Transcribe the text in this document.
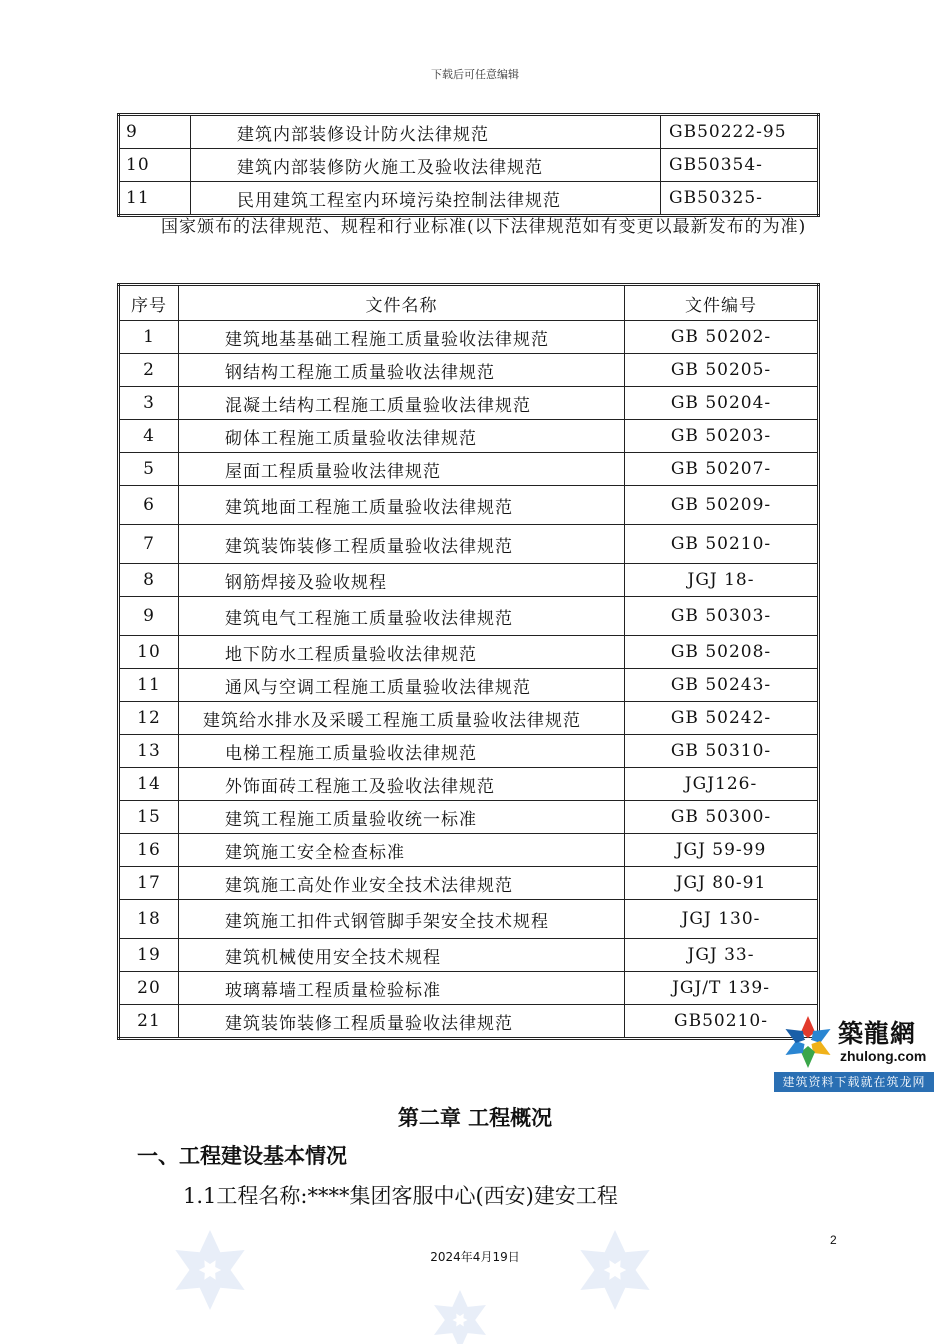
下载后可任意编辑
9	建筑内部装修设计防火法律规范	GB50222-95
10	建筑内部装修防火施工及验收法律规范	GB50354-
11	民用建筑工程室内环境污染控制法律规范	GB50325-
国家颁布的法律规范、规程和行业标准(以下法律规范如有变更以最新发布的为准)
序号	文件名称	文件编号
1	建筑地基基础工程施工质量验收法律规范	GB 50202-
2	钢结构工程施工质量验收法律规范	GB 50205-
3	混凝土结构工程施工质量验收法律规范	GB 50204-
4	砌体工程施工质量验收法律规范	GB 50203-
5	屋面工程质量验收法律规范	GB 50207-
6	建筑地面工程施工质量验收法律规范	GB 50209-
7	建筑装饰装修工程质量验收法律规范	GB 50210-
8	钢筋焊接及验收规程	JGJ 18-
9	建筑电气工程施工质量验收法律规范	GB 50303-
10	地下防水工程质量验收法律规范	GB 50208-
11	通风与空调工程施工质量验收法律规范	GB 50243-
12	建筑给水排水及采暖工程施工质量验收法律规范	GB 50242-
13	电梯工程施工质量验收法律规范	GB 50310-
14	外饰面砖工程施工及验收法律规范	JGJ126-
15	建筑工程施工质量验收统一标准	GB 50300-
16	建筑施工安全检查标准	JGJ 59-99
17	建筑施工高处作业安全技术法律规范	JGJ 80-91
18	建筑施工扣件式钢管脚手架安全技术规程	JGJ 130-
19	建筑机械使用安全技术规程	JGJ 33-
20	玻璃幕墙工程质量检验标准	JGJ/T 139-
21	建筑装饰装修工程质量验收法律规范	GB50210-	築龍網
zhulong.com
建筑资料下载就在筑龙网
第二章 工程概况
一、工程建设基本情况
1.1工程名称:****集团客服中心(西安)建安工程
2
2024年4月19日
